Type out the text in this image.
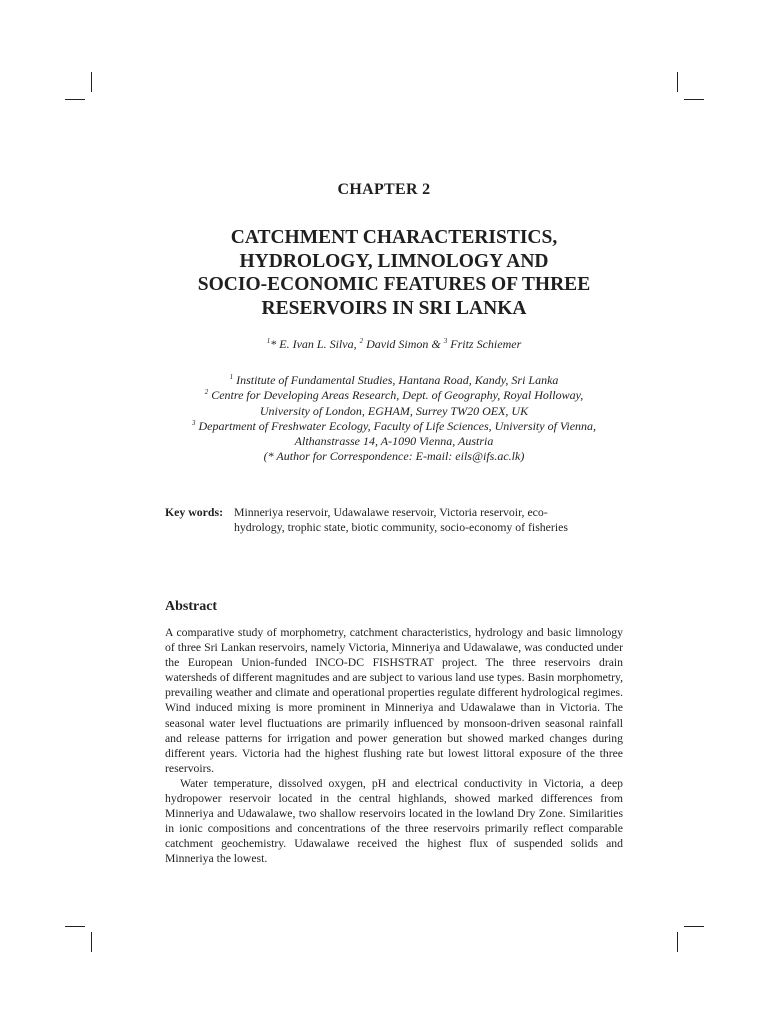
CHAPTER 2
CATCHMENT CHARACTERISTICS,
HYDROLOGY, LIMNOLOGY AND
SOCIO-ECONOMIC FEATURES OF THREE
RESERVOIRS IN SRI LANKA
$^1$* E. Ivan L. Silva, $^2$ David Simon & $^3$ Fritz Schiemer
$^1$ Institute of Fundamental Studies, Hantana Road, Kandy, Sri Lanka
$^2$ Centre for Developing Areas Research, Dept. of Geography, Royal Holloway,
University of London, EGHAM, Surrey TW20 OEX, UK
$^3$ Department of Freshwater Ecology, Faculty of Life Sciences, University of Vienna,
Althanstrasse 14, A-1090 Vienna, Austria
(* Author for Correspondence: E-mail: eils@ifs.ac.lk)
Key words: Minneriya reservoir, Udawalawe reservoir, Victoria reservoir, eco-
hydrology, trophic state, biotic community, socio-economy of fisheries
Abstract

A comparative study of morphometry, catchment characteristics, hydrology and basic limnology of three Sri Lankan reservoirs, namely Victoria, Minneriya and Udawalawe, was conducted under the European Union-funded INCO-DC FISHSTRAT project. The three reservoirs drain watersheds of different magnitudes and are subject to various land use types. Basin morphometry, prevailing weather and climate and operational properties regulate different hydrological regimes. Wind induced mixing is more prominent in Minneriya and Udawalawe than in Victoria. The seasonal water level fluctuations are primarily influenced by monsoon-driven seasonal rainfall and release patterns for irrigation and power generation but showed marked changes during different years. Victoria had the highest flushing rate but lowest littoral exposure of the three reservoirs.

Water temperature, dissolved oxygen, pH and electrical conductivity in Victoria, a deep hydropower reservoir located in the central highlands, showed marked differences from Minneriya and Udawalawe, two shallow reservoirs located in the lowland Dry Zone. Similarities in ionic compositions and concentrations of the three reservoirs primarily reflect comparable catchment geochemistry. Udawalawe received the highest flux of suspended solids and Minneriya the lowest.
